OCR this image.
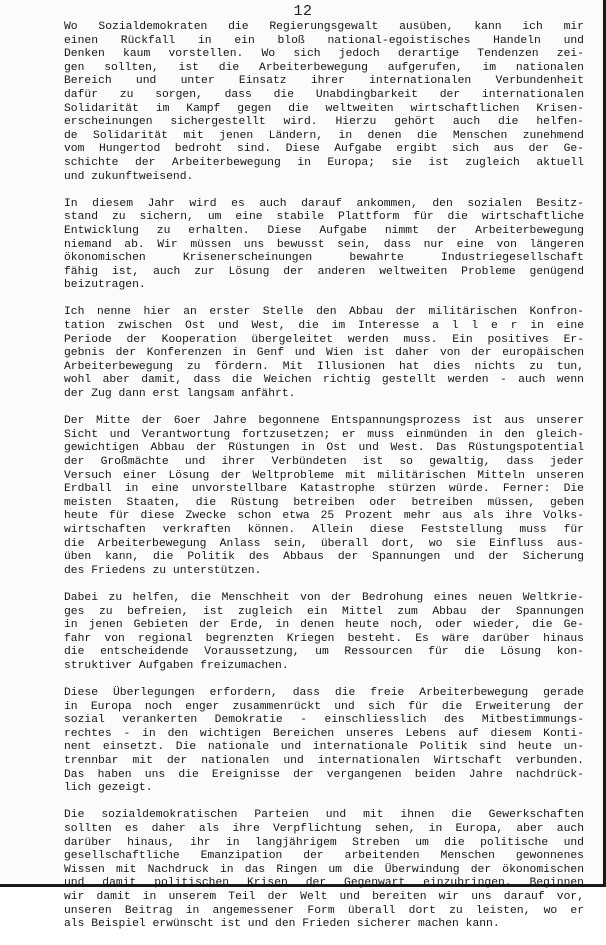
12
Wo Sozialdemokraten die Regierungsgewalt ausüben, kann ich mir
einen Rückfall in ein bloß national-egoistisches Handeln und
Denken kaum vorstellen. Wo sich jedoch derartige Tendenzen zei-
gen sollten, ist die Arbeiterbewegung aufgerufen, im nationalen
Bereich und unter Einsatz ihrer internationalen Verbundenheit
dafür zu sorgen, dass die Unabdingbarkeit der internationalen
Solidarität im Kampf gegen die weltweiten wirtschaftlichen Krisen-
erscheinungen sichergestellt wird. Hierzu gehört auch die helfen-
de Solidarität mit jenen Ländern, in denen die Menschen zunehmend
vom Hungertod bedroht sind. Diese Aufgabe ergibt sich aus der Ge-
schichte der Arbeiterbewegung in Europa; sie ist zugleich aktuell
und zukunftweisend.
In diesem Jahr wird es auch darauf ankommen, den sozialen Besitz-
stand zu sichern, um eine stabile Plattform für die wirtschaftliche
Entwicklung zu erhalten. Diese Aufgabe nimmt der Arbeiterbewegung
niemand ab. Wir müssen uns bewusst sein, dass nur eine von längeren
ökonomischen Krisenerscheinungen bewahrte Industriegesellschaft
fähig ist, auch zur Lösung der anderen weltweiten Probleme genügend
beizutragen.
Ich nenne hier an erster Stelle den Abbau der militärischen Konfron-
tation zwischen Ost und West, die im Interesse a l l e r in eine
Periode der Kooperation übergeleitet werden muss. Ein positives Er-
gebnis der Konferenzen in Genf und Wien ist daher von der europäischen
Arbeiterbewegung zu fördern. Mit Illusionen hat dies nichts zu tun,
wohl aber damit, dass die Weichen richtig gestellt werden - auch wenn
der Zug dann erst langsam anfährt.
Der Mitte der 6oer Jahre begonnene Entspannungsprozess ist aus unserer
Sicht und Verantwortung fortzusetzen; er muss einmünden in den gleich-
gewichtigen Abbau der Rüstungen in Ost und West. Das Rüstungspotential
der Großmächte und ihrer Verbündeten ist so gewaltig, dass jeder
Versuch einer Lösung der Weltprobleme mit militärischen Mitteln unseren
Erdball in eine unvorstellbare Katastrophe stürzen würde. Ferner: Die
meisten Staaten, die Rüstung betreiben oder betreiben müssen, geben
heute für diese Zwecke schon etwa 25 Prozent mehr aus als ihre Volks-
wirtschaften verkraften können. Allein diese Feststellung muss für
die Arbeiterbewegung Anlass sein, überall dort, wo sie Einfluss aus-
üben kann, die Politik des Abbaus der Spannungen und der Sicherung
des Friedens zu unterstützen.
Dabei zu helfen, die Menschheit von der Bedrohung eines neuen Weltkrie-
ges zu befreien, ist zugleich ein Mittel zum Abbau der Spannungen
in jenen Gebieten der Erde, in denen heute noch, oder wieder, die Ge-
fahr von regional begrenzten Kriegen besteht. Es wäre darüber hinaus
die entscheidende Voraussetzung, um Ressourcen für die Lösung kon-
struktiver Aufgaben freizumachen.
Diese Überlegungen erfordern, dass die freie Arbeiterbewegung gerade
in Europa noch enger zusammenrückt und sich für die Erweiterung der
sozial verankerten Demokratie - einschliesslich des Mitbestimmungs-
rechtes - in den wichtigen Bereichen unseres Lebens auf diesem Konti-
nent einsetzt. Die nationale und internationale Politik sind heute un-
trennbar mit der nationalen und internationalen Wirtschaft verbunden.
Das haben uns die Ereignisse der vergangenen beiden Jahre nachdrück-
lich gezeigt.
Die sozialdemokratischen Parteien und mit ihnen die Gewerkschaften
sollten es daher als ihre Verpflichtung sehen, in Europa, aber auch
darüber hinaus, ihr in langjährigem Streben um die politische und
gesellschaftliche Emanzipation der arbeitenden Menschen gewonnenes
Wissen mit Nachdruck in das Ringen um die Überwindung der ökonomischen
und damit politischen Krisen der Gegenwart einzubringen. Beginnen
wir damit in unserem Teil der Welt und bereiten wir uns darauf vor,
unseren Beitrag in angemessener Form überall dort zu leisten, wo er
als Beispiel erwünscht ist und den Frieden sicherer machen kann.
